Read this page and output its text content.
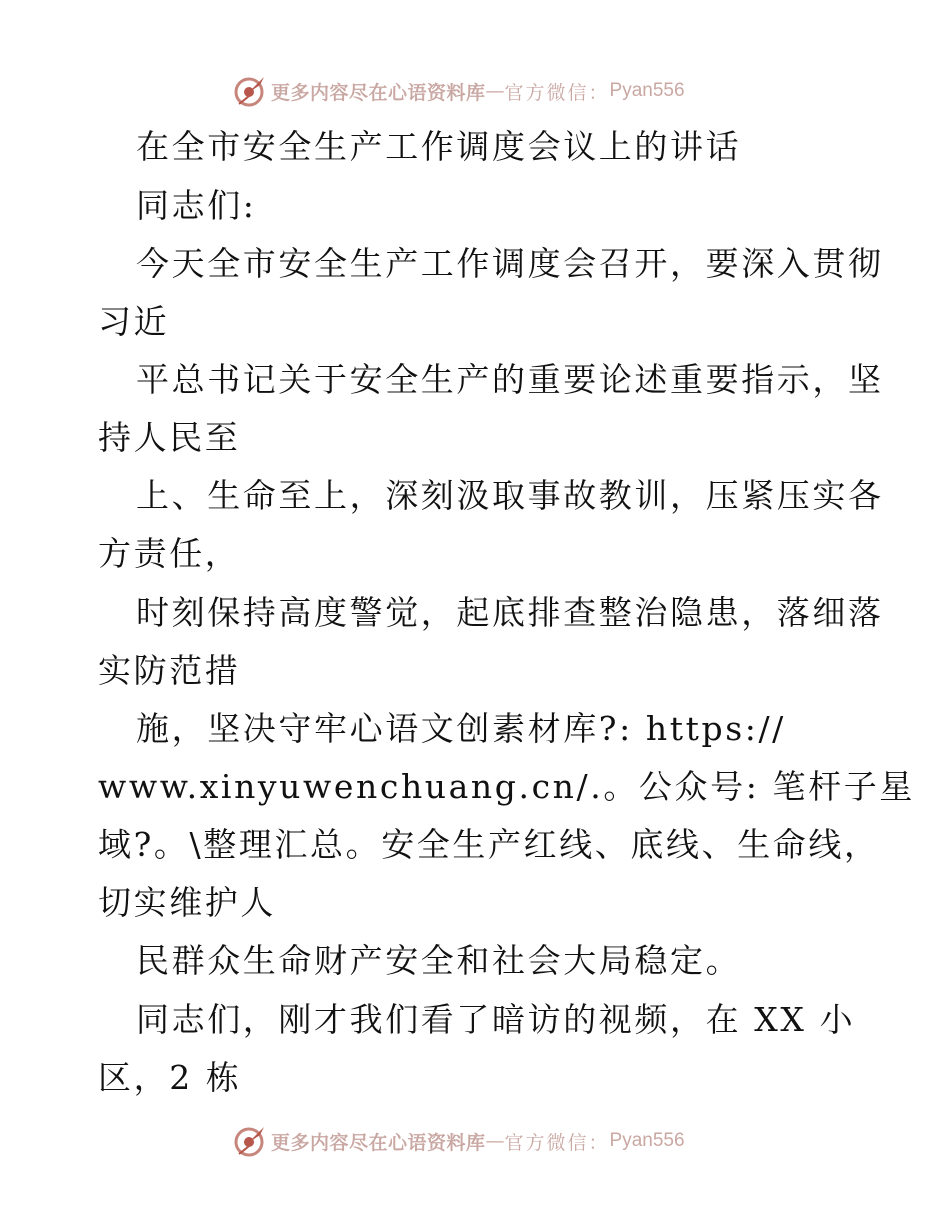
更多内容尽在心语资料库 — 官方微信： Pyan556
在全市安全生产工作调度会议上的讲话
同志们:
今天全市安全生产工作调度会召开，要深入贯彻
习近
平总书记关于安全生产的重要论述重要指示，坚
持人民至
上、生命至上，深刻汲取事故教训，压紧压实各
方责任，
时刻保持高度警觉，起底排查整治隐患，落细落
实防范措
施，坚决守牢心语文创素材库?: https://
www.xinyuwenchuang.cn/.。公众号: 笔杆子星
域?。\整理汇总。安全生产红线、底线、生命线，
切实维护人
民群众生命财产安全和社会大局稳定。
同志们，刚才我们看了暗访的视频，在 XX 小
区，2 栋
更多内容尽在心语资料库 — 官方微信： Pyan556
